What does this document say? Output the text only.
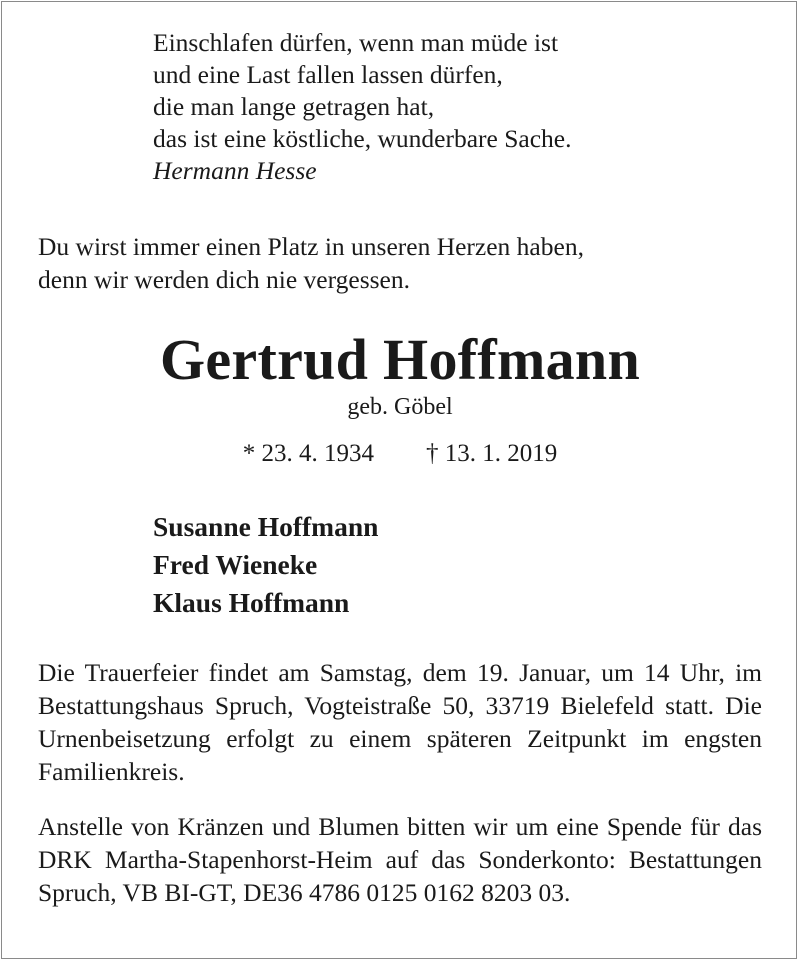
Einschlafen dürfen, wenn man müde ist
und eine Last fallen lassen dürfen,
die man lange getragen hat,
das ist eine köstliche, wunderbare Sache.
Hermann Hesse
Du wirst immer einen Platz in unseren Herzen haben,
denn wir werden dich nie vergessen.
Gertrud Hoffmann
geb. Göbel
* 23. 4. 1934 † 13. 1. 2019
Susanne Hoffmann
Fred Wieneke
Klaus Hoffmann
Die Trauerfeier findet am Samstag, dem 19. Januar, um 14 Uhr, im Bestattungshaus Spruch, Vogteistraße 50, 33719 Bielefeld statt. Die Urnenbeisetzung erfolgt zu einem späteren Zeitpunkt im engsten Familienkreis.
Anstelle von Kränzen und Blumen bitten wir um eine Spende für das DRK Martha-Stapenhorst-Heim auf das Sonderkonto: Bestattungen Spruch, VB BI-GT, DE36 4786 0125 0162 8203 03.
